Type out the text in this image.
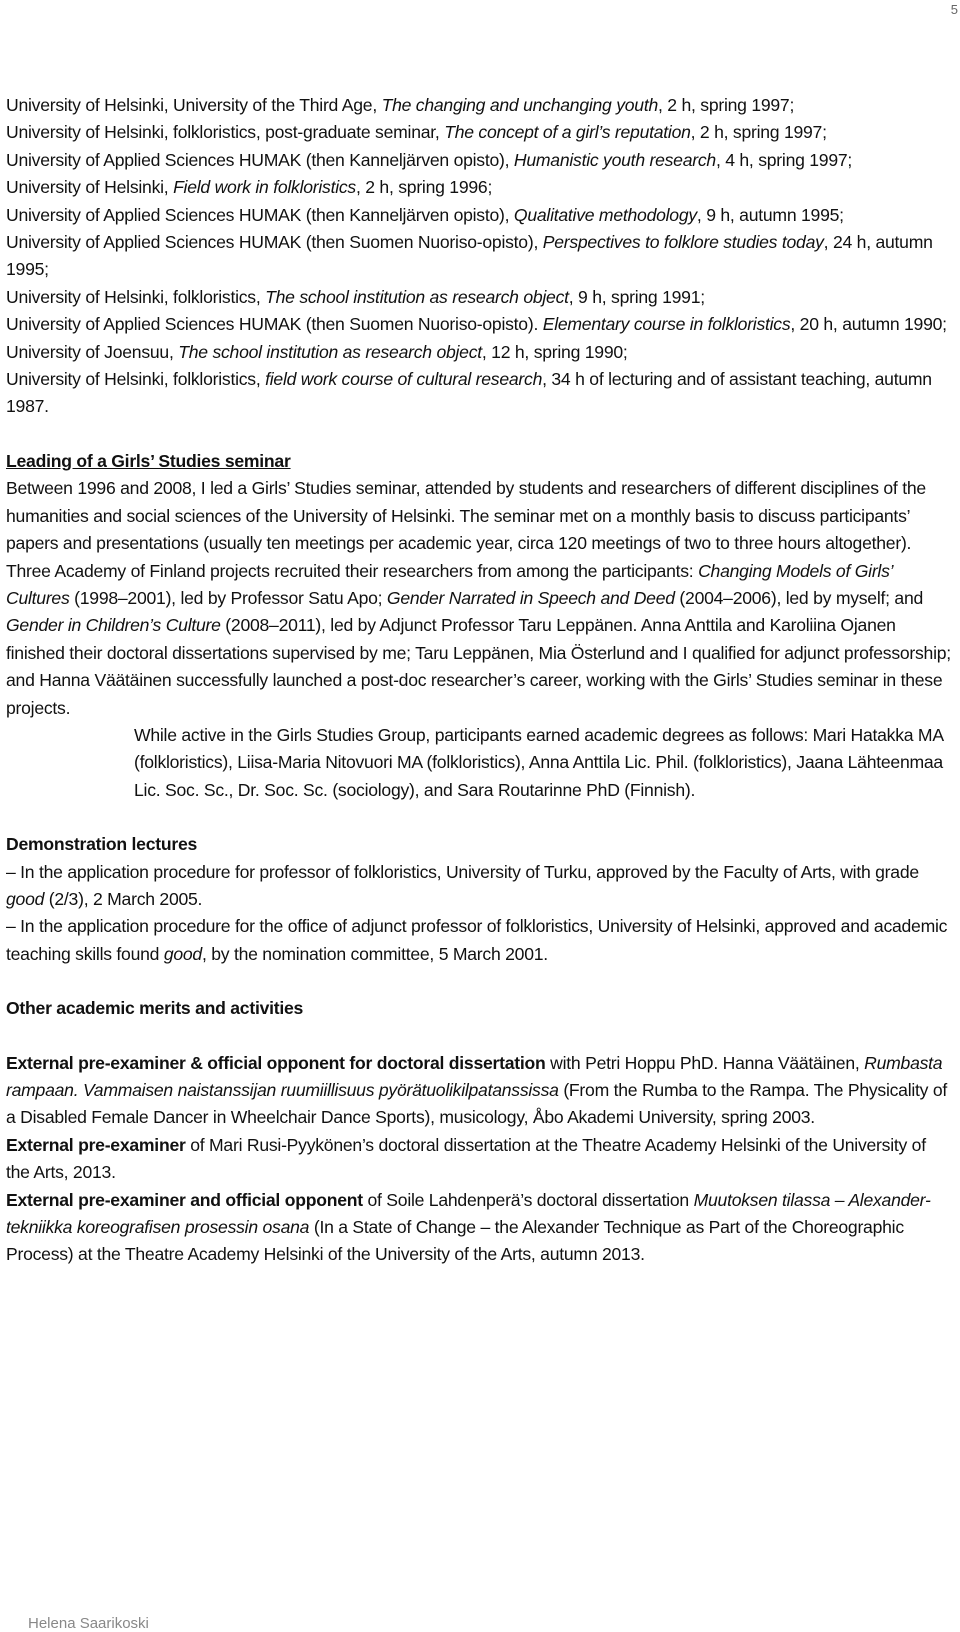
5

University of Helsinki, University of the Third Age, The changing and unchanging youth, 2 h, spring 1997;

University of Helsinki, folkloristics, post-graduate seminar, The concept of a girl’s reputation, 2 h, spring 1997;

University of Applied Sciences HUMAK (then Kanneljärven opisto), Humanistic youth research, 4 h, spring 1997;

University of Helsinki, Field work in folkloristics, 2 h, spring 1996;

University of Applied Sciences HUMAK (then Kanneljärven opisto), Qualitative methodology, 9 h, autumn 1995;

University of Applied Sciences HUMAK (then Suomen Nuoriso-opisto), Perspectives to folklore studies today, 24 h, autumn 1995;

University of Helsinki, folkloristics, The school institution as research object, 9 h, spring 1991;

University of Applied Sciences HUMAK (then Suomen Nuoriso-opisto). Elementary course in folkloristics, 20 h, autumn 1990;

University of Joensuu, The school institution as research object, 12 h, spring 1990;

University of Helsinki, folkloristics, field work course of cultural research, 34 h of lecturing and of assistant teaching, autumn 1987.

Leading of a Girls’ Studies seminar

Between 1996 and 2008, I led a Girls’ Studies seminar, attended by students and researchers of different disciplines of the humanities and social sciences of the University of Helsinki. The seminar met on a monthly basis to discuss participants’ papers and presentations (usually ten meetings per academic year, circa 120 meetings of two to three hours altogether). Three Academy of Finland projects recruited their researchers from among the participants: Changing Models of Girls’ Cultures (1998–2001), led by Professor Satu Apo; Gender Narrated in Speech and Deed (2004–2006), led by myself; and Gender in Children’s Culture (2008–2011), led by Adjunct Professor Taru Leppänen. Anna Anttila and Karoliina Ojanen finished their doctoral dissertations supervised by me; Taru Leppänen, Mia Österlund and I qualified for adjunct professorship; and Hanna Väätäinen successfully launched a post-doc researcher’s career, working with the Girls’ Studies seminar in these projects.

While active in the Girls Studies Group, participants earned academic degrees as follows: Mari Hatakka MA (folkloristics), Liisa-Maria Nitovuori MA (folkloristics), Anna Anttila Lic. Phil. (folkloristics), Jaana Lähteenmaa Lic. Soc. Sc., Dr. Soc. Sc. (sociology), and Sara Routarinne PhD (Finnish).

Demonstration lectures

– In the application procedure for professor of folkloristics, University of Turku, approved by the Faculty of Arts, with grade good (2/3), 2 March 2005.

– In the application procedure for the office of adjunct professor of folkloristics, University of Helsinki, approved and academic teaching skills found good, by the nomination committee, 5 March 2001.

Other academic merits and activities

External pre-examiner & official opponent for doctoral dissertation with Petri Hoppu PhD. Hanna Väätäinen, Rumbasta rampaan. Vammaisen naistanssijan ruumiillisuus pyörätuolikilpatanssissa (From the Rumba to the Rampa. The Physicality of a Disabled Female Dancer in Wheelchair Dance Sports), musicology, Åbo Akademi University, spring 2003.

External pre-examiner of Mari Rusi-Pyykönen’s doctoral dissertation at the Theatre Academy Helsinki of the University of the Arts, 2013.

External pre-examiner and official opponent of Soile Lahdenperä’s doctoral dissertation Muutoksen tilassa – Alexander-tekniikka koreografisen prosessin osana (In a State of Change – the Alexander Technique as Part of the Choreographic Process) at the Theatre Academy Helsinki of the University of the Arts, autumn 2013.

Helena Saarikoski
